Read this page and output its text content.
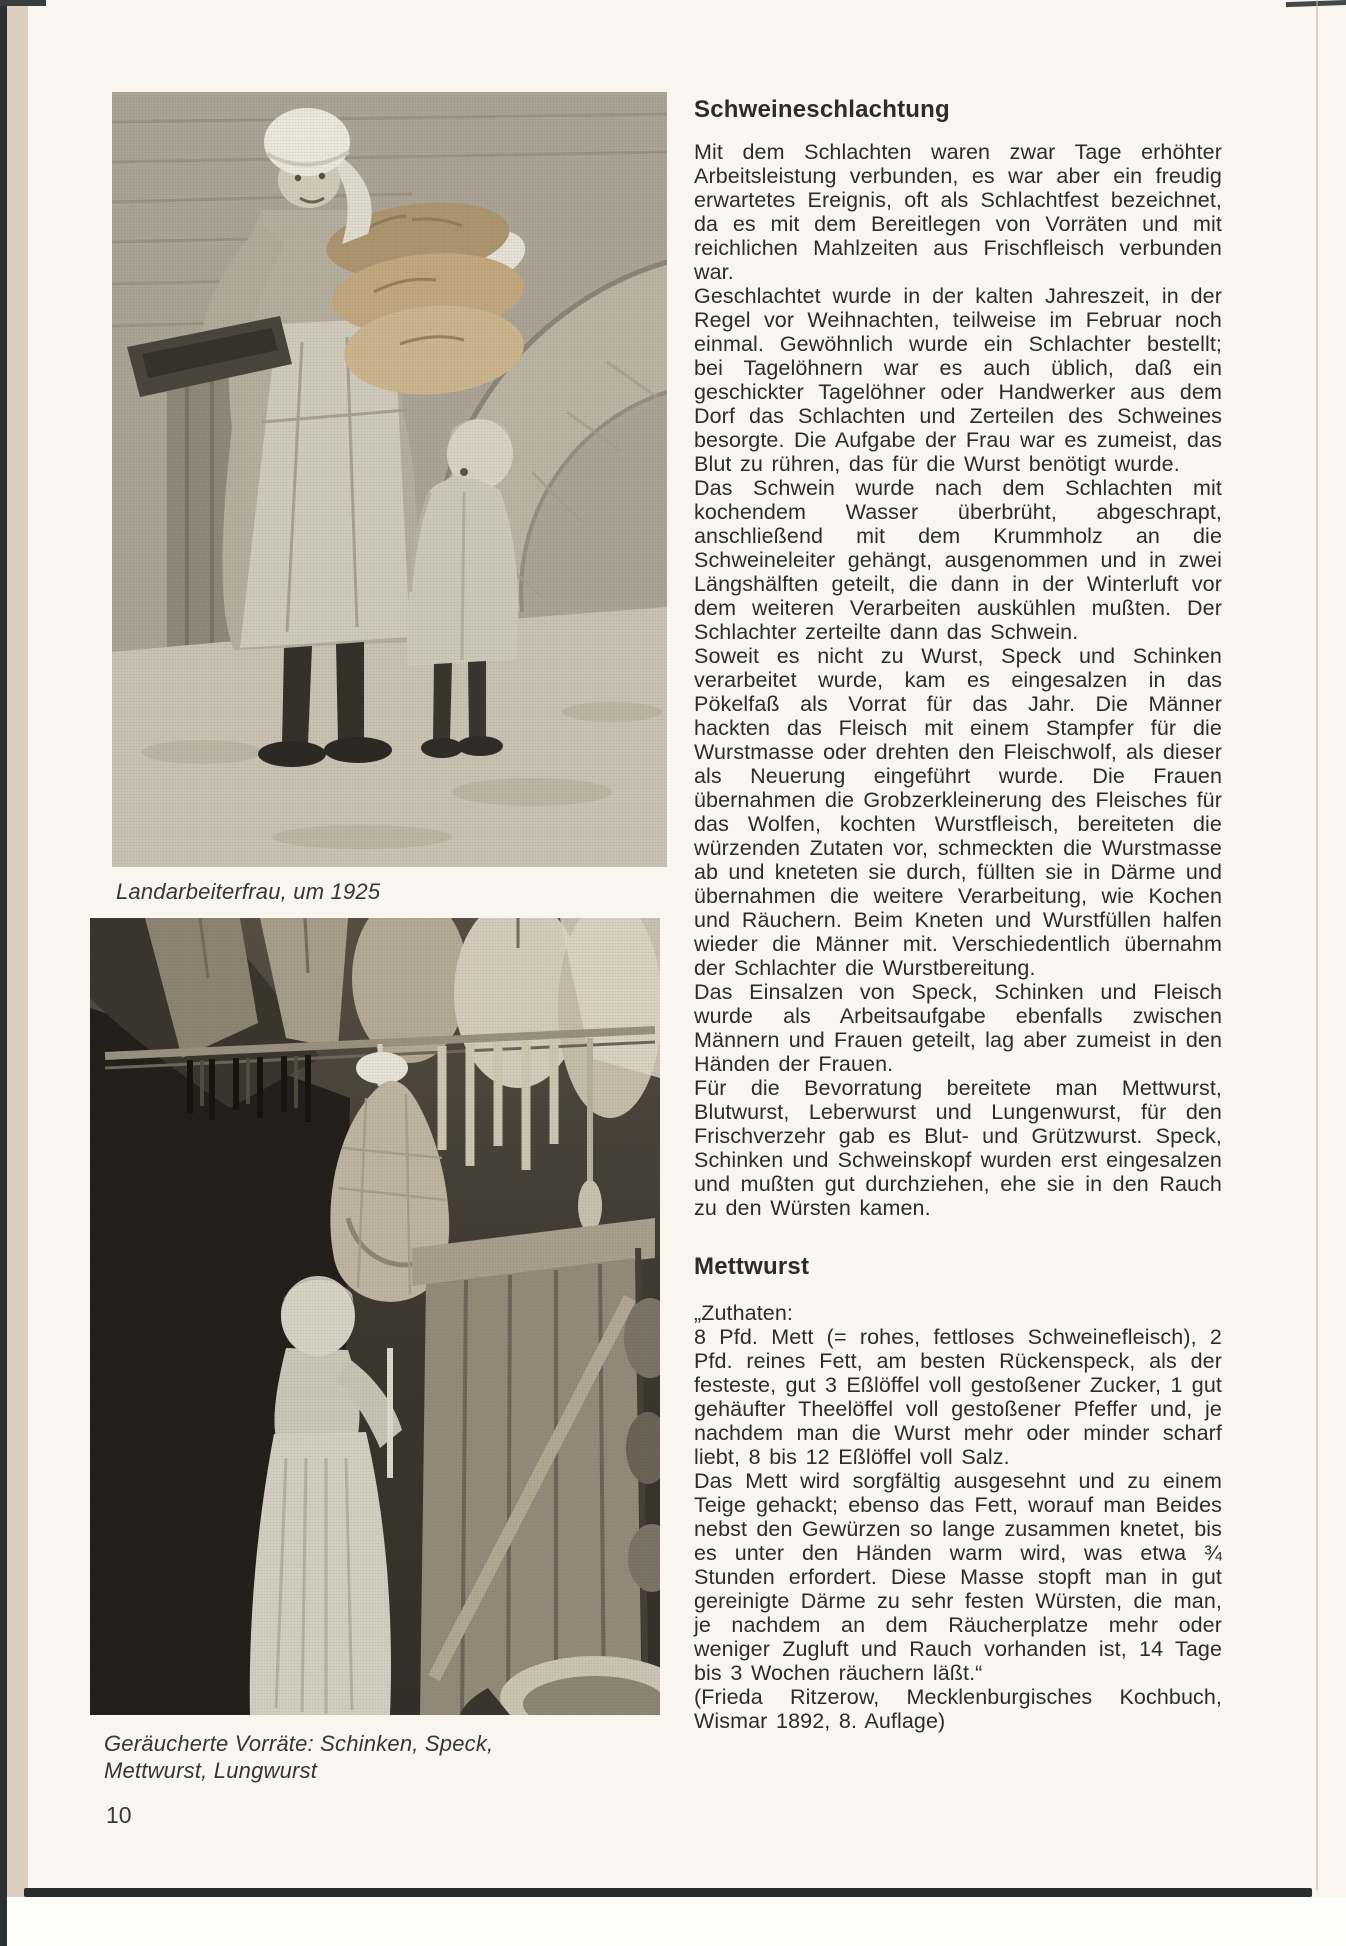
Landarbeiterfrau, um 1925
Geräucherte Vorräte: Schinken, Speck, Mettwurst, Lungwurst
10
Schweineschlachtung

Mit dem Schlachten waren zwar Tage erhöhter Arbeitsleistung verbunden, es war aber ein freudig erwartetes Ereignis, oft als Schlachtfest bezeichnet, da es mit dem Bereitlegen von Vorräten und mit reichlichen Mahlzeiten aus Frischfleisch verbunden war.

Geschlachtet wurde in der kalten Jahreszeit, in der Regel vor Weihnachten, teilweise im Februar noch einmal. Gewöhnlich wurde ein Schlachter bestellt; bei Tagelöhnern war es auch üblich, daß ein geschickter Tagelöhner oder Handwerker aus dem Dorf das Schlachten und Zerteilen des Schweines besorgte. Die Aufgabe der Frau war es zumeist, das Blut zu rühren, das für die Wurst benötigt wurde.

Das Schwein wurde nach dem Schlachten mit kochendem Wasser überbrüht, abgeschrapt, anschließend mit dem Krummholz an die Schweineleiter gehängt, ausgenommen und in zwei Längshälften geteilt, die dann in der Winterluft vor dem weiteren Verarbeiten auskühlen mußten. Der Schlachter zerteilte dann das Schwein.

Soweit es nicht zu Wurst, Speck und Schinken verarbeitet wurde, kam es eingesalzen in das Pökelfaß als Vorrat für das Jahr. Die Männer hackten das Fleisch mit einem Stampfer für die Wurstmasse oder drehten den Fleischwolf, als dieser als Neuerung eingeführt wurde. Die Frauen übernahmen die Grobzerkleinerung des Fleisches für das Wolfen, kochten Wurstfleisch, bereiteten die würzenden Zutaten vor, schmeckten die Wurstmasse ab und kneteten sie durch, füllten sie in Därme und übernahmen die weitere Verarbeitung, wie Kochen und Räuchern. Beim Kneten und Wurstfüllen halfen wieder die Männer mit. Verschiedentlich übernahm der Schlachter die Wurstbereitung.

Das Einsalzen von Speck, Schinken und Fleisch wurde als Arbeitsaufgabe ebenfalls zwischen Männern und Frauen geteilt, lag aber zumeist in den Händen der Frauen.

Für die Bevorratung bereitete man Mettwurst, Blutwurst, Leberwurst und Lungenwurst, für den Frischverzehr gab es Blut- und Grützwurst. Speck, Schinken und Schweinskopf wurden erst eingesalzen und mußten gut durchziehen, ehe sie in den Rauch zu den Würsten kamen.

Mettwurst

„Zuthaten:

8 Pfd. Mett (= rohes, fettloses Schweinefleisch), 2 Pfd. reines Fett, am besten Rückenspeck, als der festeste, gut 3 Eßlöffel voll gestoßener Zucker, 1 gut gehäufter Theelöffel voll gestoßener Pfeffer und, je nachdem man die Wurst mehr oder minder scharf liebt, 8 bis 12 Eßlöffel voll Salz.

Das Mett wird sorgfältig ausgesehnt und zu einem Teige gehackt; ebenso das Fett, worauf man Beides nebst den Gewürzen so lange zusammen knetet, bis es unter den Händen warm wird, was etwa ¾ Stunden erfordert. Diese Masse stopft man in gut gereinigte Därme zu sehr festen Würsten, die man, je nachdem an dem Räucherplatze mehr oder weniger Zugluft und Rauch vorhanden ist, 14 Tage bis 3 Wochen räuchern läßt.“

(Frieda Ritzerow, Mecklenburgisches Kochbuch, Wismar 1892, 8. Auflage)
